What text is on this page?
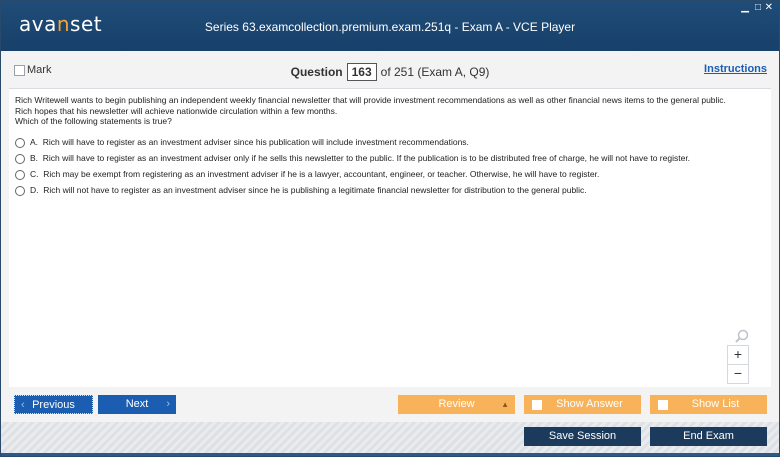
avanset	Series 63.examcollection.premium.exam.251q - Exam A - VCE Player
▁ □ ✕
Mark	Question 163 of 251 (Exam A, Q9)	Instructions
Rich Writewell wants to begin publishing an independent weekly financial newsletter that will provide investment recommendations as well as other financial news items to the general public.
Rich hopes that his newsletter will achieve nationwide circulation within a few months.
Which of the following statements is true?
A. Rich will have to register as an investment adviser since his publication will include investment recommendations.
B. Rich will have to register as an investment adviser only if he sells this newsletter to the public. If the publication is to be distributed free of charge, he will not have to register.
C. Rich may be exempt from registering as an investment adviser if he is a lawyer, accountant, engineer, or teacher. Otherwise, he will have to register.
D. Rich will not have to register as an investment adviser since he is publishing a legitimate financial newsletter for distribution to the general public.
+
−
‹ Previous	Next ›	Review	▲	Show Answer	Show List
Save Session	End Exam
